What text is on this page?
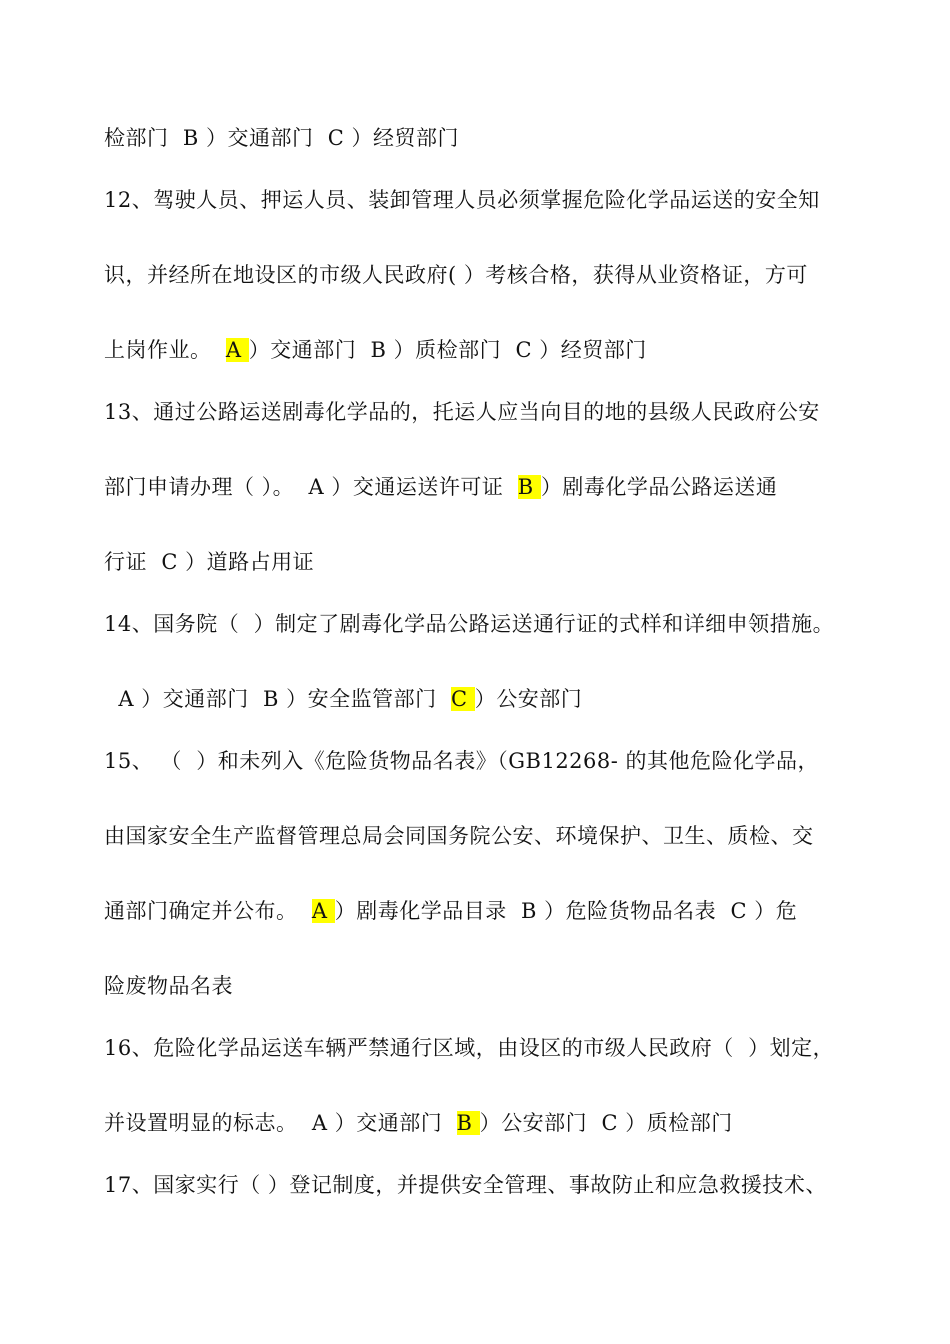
检部门  B ）交通部门  C ）经贸部门
12、驾驶人员、押运人员、装卸管理人员必须掌握危险化学品运送的安全知
识，并经所在地设区的市级人民政府( ）考核合格，获得从业资格证，方可
上岗作业。  A ）交通部门  B ）质检部门  C ）经贸部门
13、通过公路运送剧毒化学品的，托运人应当向目的地的县级人民政府公安
部门申请办理（ ）。  A ）交通运送许可证  B ）剧毒化学品公路运送通
行证  C ）道路占用证
14、国务院（  ）制定了剧毒化学品公路运送通行证的式样和详细申领措施。
A ）交通部门  B ）安全监管部门  C ）公安部门
15、 （  ）和未列入《危险货物品名表》（GB12268- 的其他危险化学品，
由国家安全生产监督管理总局会同国务院公安、环境保护、卫生、质检、交
通部门确定并公布。  A ）剧毒化学品目录  B ）危险货物品名表  C ）危
险废物品名表
16、危险化学品运送车辆严禁通行区域，由设区的市级人民政府（  ）划定，
并设置明显的标志。  A ）交通部门  B ）公安部门  C ）质检部门
17、国家实行（ ）登记制度，并提供安全管理、事故防止和应急救援技术、
